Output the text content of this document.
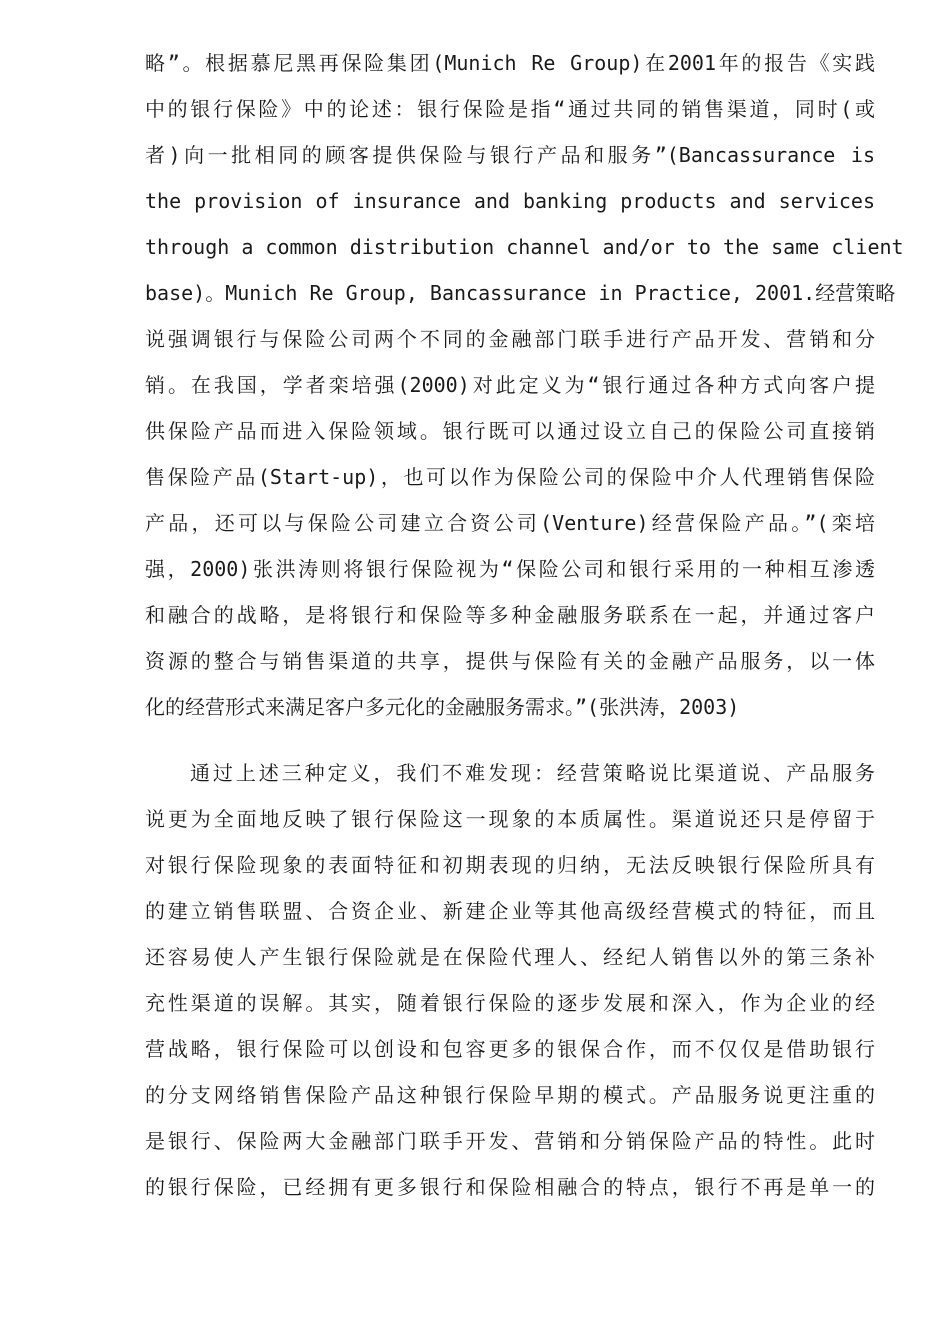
略”。根据慕尼黑再保险集团(Munich Re Group)在2001年的报告《实践
中的银行保险》中的论述：银行保险是指“通过共同的销售渠道，同时(或
者)向一批相同的顾客提供保险与银行产品和服务”(Bancassurance is
the provision of insurance and banking products and services
through a common distribution channel and/or to the same client
base)。Munich Re Group, Bancassurance in Practice, 2001.经营策略
说强调银行与保险公司两个不同的金融部门联手进行产品开发、营销和分
销。在我国，学者栾培强(2000)对此定义为“银行通过各种方式向客户提
供保险产品而进入保险领域。银行既可以通过设立自己的保险公司直接销
售保险产品(Start-up)，也可以作为保险公司的保险中介人代理销售保险
产品，还可以与保险公司建立合资公司(Venture)经营保险产品。”(栾培
强，2000)张洪涛则将银行保险视为“保险公司和银行采用的一种相互渗透
和融合的战略，是将银行和保险等多种金融服务联系在一起，并通过客户
资源的整合与销售渠道的共享，提供与保险有关的金融产品服务，以一体
化的经营形式来满足客户多元化的金融服务需求。”(张洪涛，2003)
通过上述三种定义，我们不难发现：经营策略说比渠道说、产品服务
说更为全面地反映了银行保险这一现象的本质属性。渠道说还只是停留于
对银行保险现象的表面特征和初期表现的归纳，无法反映银行保险所具有
的建立销售联盟、合资企业、新建企业等其他高级经营模式的特征，而且
还容易使人产生银行保险就是在保险代理人、经纪人销售以外的第三条补
充性渠道的误解。其实，随着银行保险的逐步发展和深入，作为企业的经
营战略，银行保险可以创设和包容更多的银保合作，而不仅仅是借助银行
的分支网络销售保险产品这种银行保险早期的模式。产品服务说更注重的
是银行、保险两大金融部门联手开发、营销和分销保险产品的特性。此时
的银行保险，已经拥有更多银行和保险相融合的特点，银行不再是单一的
